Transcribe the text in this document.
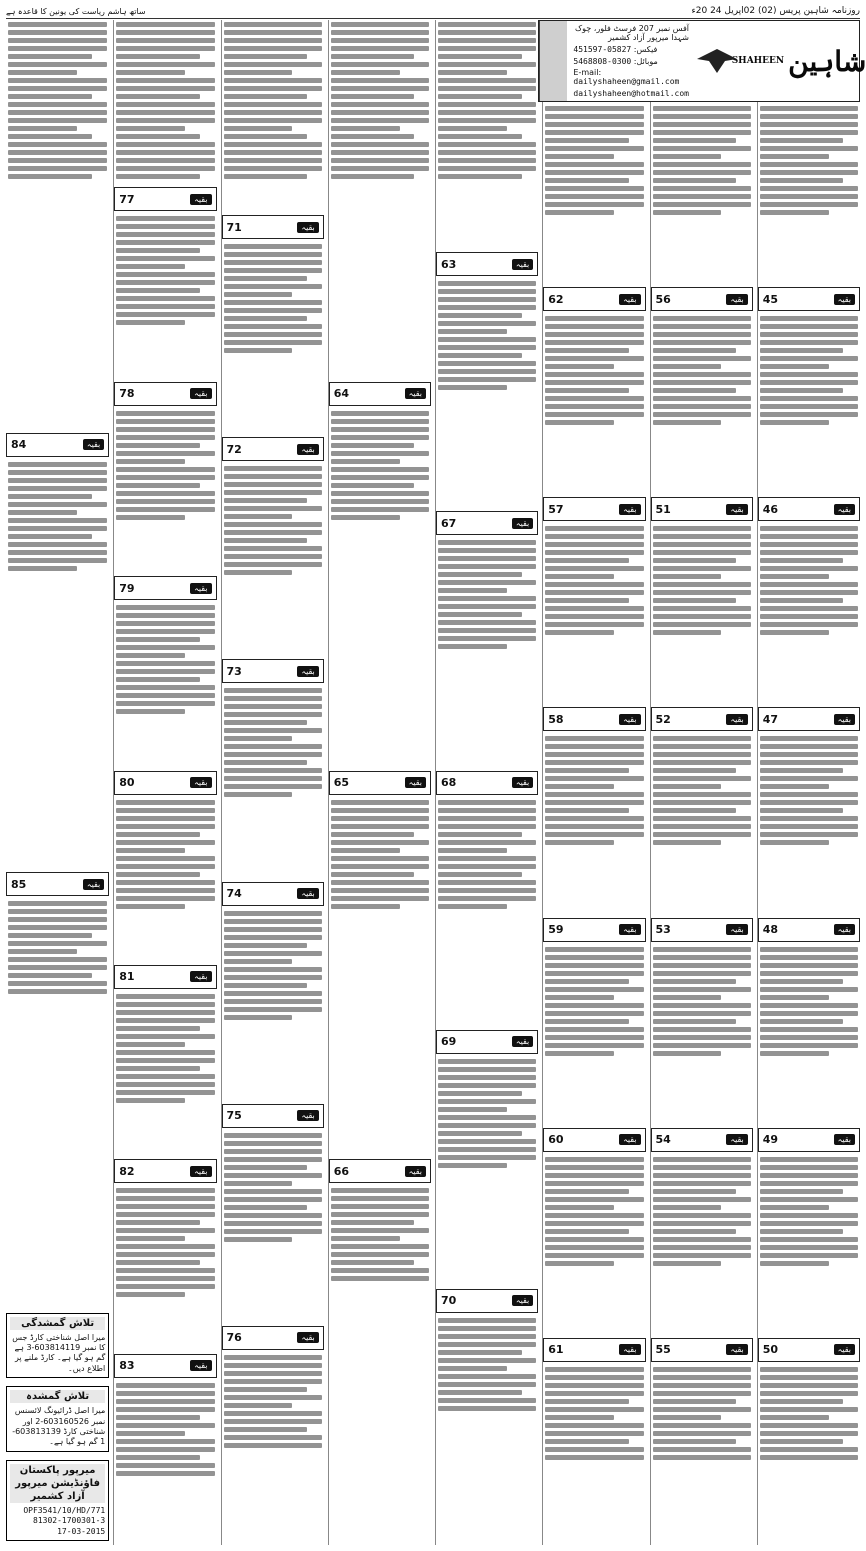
روزنامہ شاہین پریس (02) 02اپریل 24 20ء
ساتھ ہاشم ریاست کی یونین کا قاعدہ ہے
شاہین
SHAHEEN
آفس نمبر 207 فرسٹ فلور، چوک شہدا میرپور آزاد کشمیر
فیکس: 05827-451597
موبائل: 0300-5468808
E-mail: dailyshaheen@gmail.com
dailyshaheen@hotmail.com
بقیہ
45
بقیہ
46
بقیہ
47
بقیہ
48
بقیہ
49
بقیہ
50
بقیہ
56
بقیہ
51
بقیہ
52
بقیہ
53
بقیہ
54
بقیہ
55
بقیہ
62
بقیہ
57
بقیہ
58
بقیہ
59
بقیہ
60
بقیہ
61
بقیہ
63
بقیہ
67
بقیہ
68
بقیہ
69
بقیہ
70
بقیہ
64
بقیہ
65
بقیہ
66
بقیہ
71
بقیہ
72
بقیہ
73
بقیہ
74
بقیہ
75
بقیہ
76
بقیہ
77
بقیہ
78
بقیہ
79
بقیہ
80
بقیہ
81
بقیہ
82
بقیہ
83
بقیہ
84
بقیہ
85
تلاش گمشدگی
میرا اصل شناختی کارڈ جس کا نمبر 603814119-3 ہے گم ہو گیا ہے۔ کارڈ ملنے پر اطلاع دیں۔
تلاش گمشدہ
میرا اصل ڈرائیونگ لائسنس نمبر 603160526-2 اور شناختی کارڈ 603813139-1 گم ہو گیا ہے۔
میرپور پاکستان فاؤنڈیشن میرپور آزاد کشمیر
OPF3541/10/HD/771
81302-1700301-3
17-03-2015
